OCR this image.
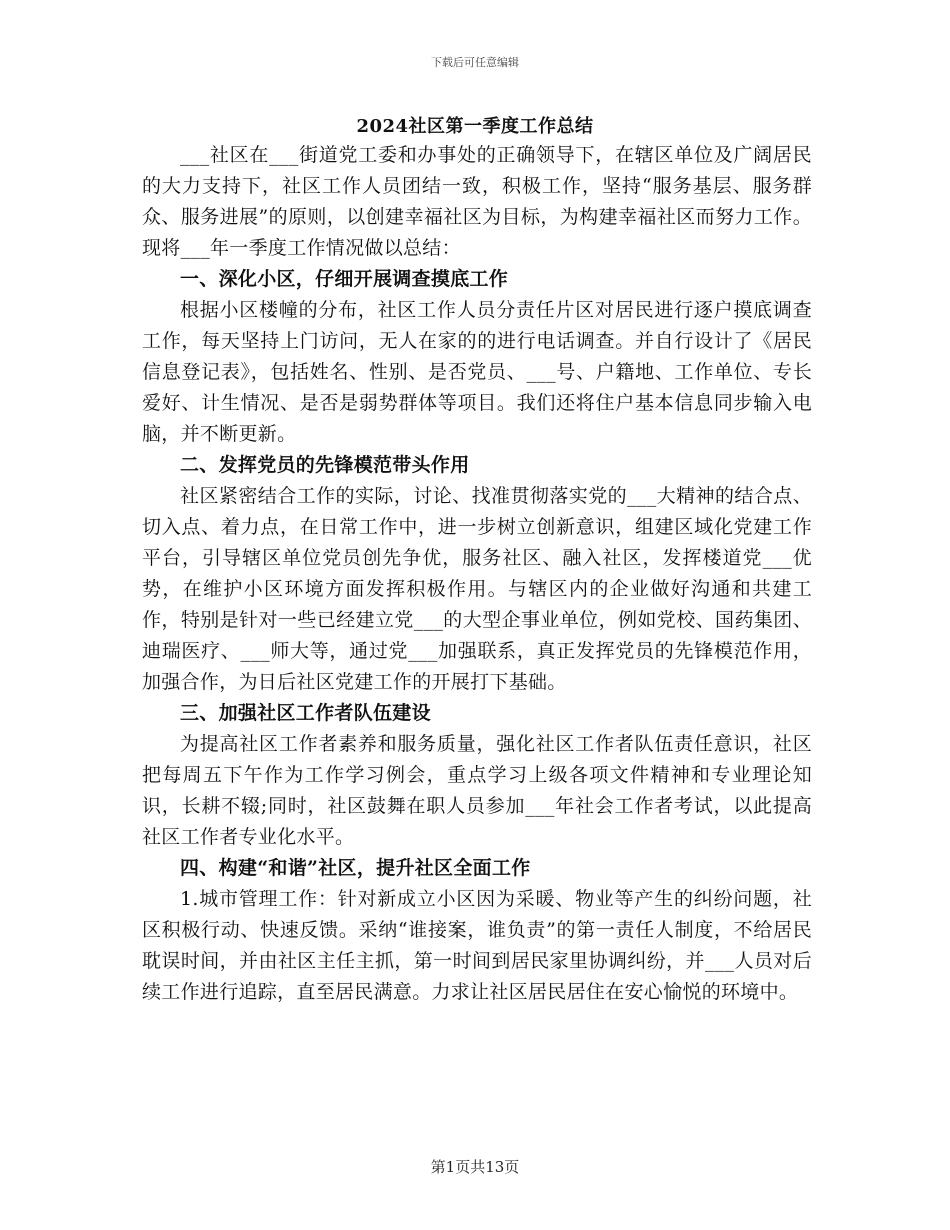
下载后可任意编辑
2024社区第一季度工作总结

___社区在___街道党工委和办事处的正确领导下，在辖区单位及广阔居民的大力支持下，社区工作人员团结一致，积极工作，坚持“服务基层、服务群众、服务进展”的原则，以创建幸福社区为目标，为构建幸福社区而努力工作。现将___年一季度工作情况做以总结：

一、深化小区，仔细开展调查摸底工作

根据小区楼幢的分布，社区工作人员分责任片区对居民进行逐户摸底调查工作，每天坚持上门访问，无人在家的的进行电话调查。并自行设计了《居民信息登记表》，包括姓名、性别、是否党员、___号、户籍地、工作单位、专长爱好、计生情况、是否是弱势群体等项目。我们还将住户基本信息同步输入电脑，并不断更新。

二、发挥党员的先锋模范带头作用

社区紧密结合工作的实际，讨论、找准贯彻落实党的___大精神的结合点、切入点、着力点，在日常工作中，进一步树立创新意识，组建区域化党建工作平台，引导辖区单位党员创先争优，服务社区、融入社区，发挥楼道党___优势，在维护小区环境方面发挥积极作用。与辖区内的企业做好沟通和共建工作，特别是针对一些已经建立党___的大型企事业单位，例如党校、国药集团、迪瑞医疗、___师大等，通过党___加强联系，真正发挥党员的先锋模范作用，加强合作，为日后社区党建工作的开展打下基础。

三、加强社区工作者队伍建设

为提高社区工作者素养和服务质量，强化社区工作者队伍责任意识，社区把每周五下午作为工作学习例会，重点学习上级各项文件精神和专业理论知识，长耕不辍;同时，社区鼓舞在职人员参加___年社会工作者考试，以此提高社区工作者专业化水平。

四、构建“和谐”社区，提升社区全面工作

1.城市管理工作：针对新成立小区因为采暖、物业等产生的纠纷问题，社区积极行动、快速反馈。采纳“谁接案，谁负责”的第一责任人制度，不给居民耽误时间，并由社区主任主抓，第一时间到居民家里协调纠纷，并___人员对后续工作进行追踪，直至居民满意。力求让社区居民居住在安心愉悦的环境中。

第1页共13页
